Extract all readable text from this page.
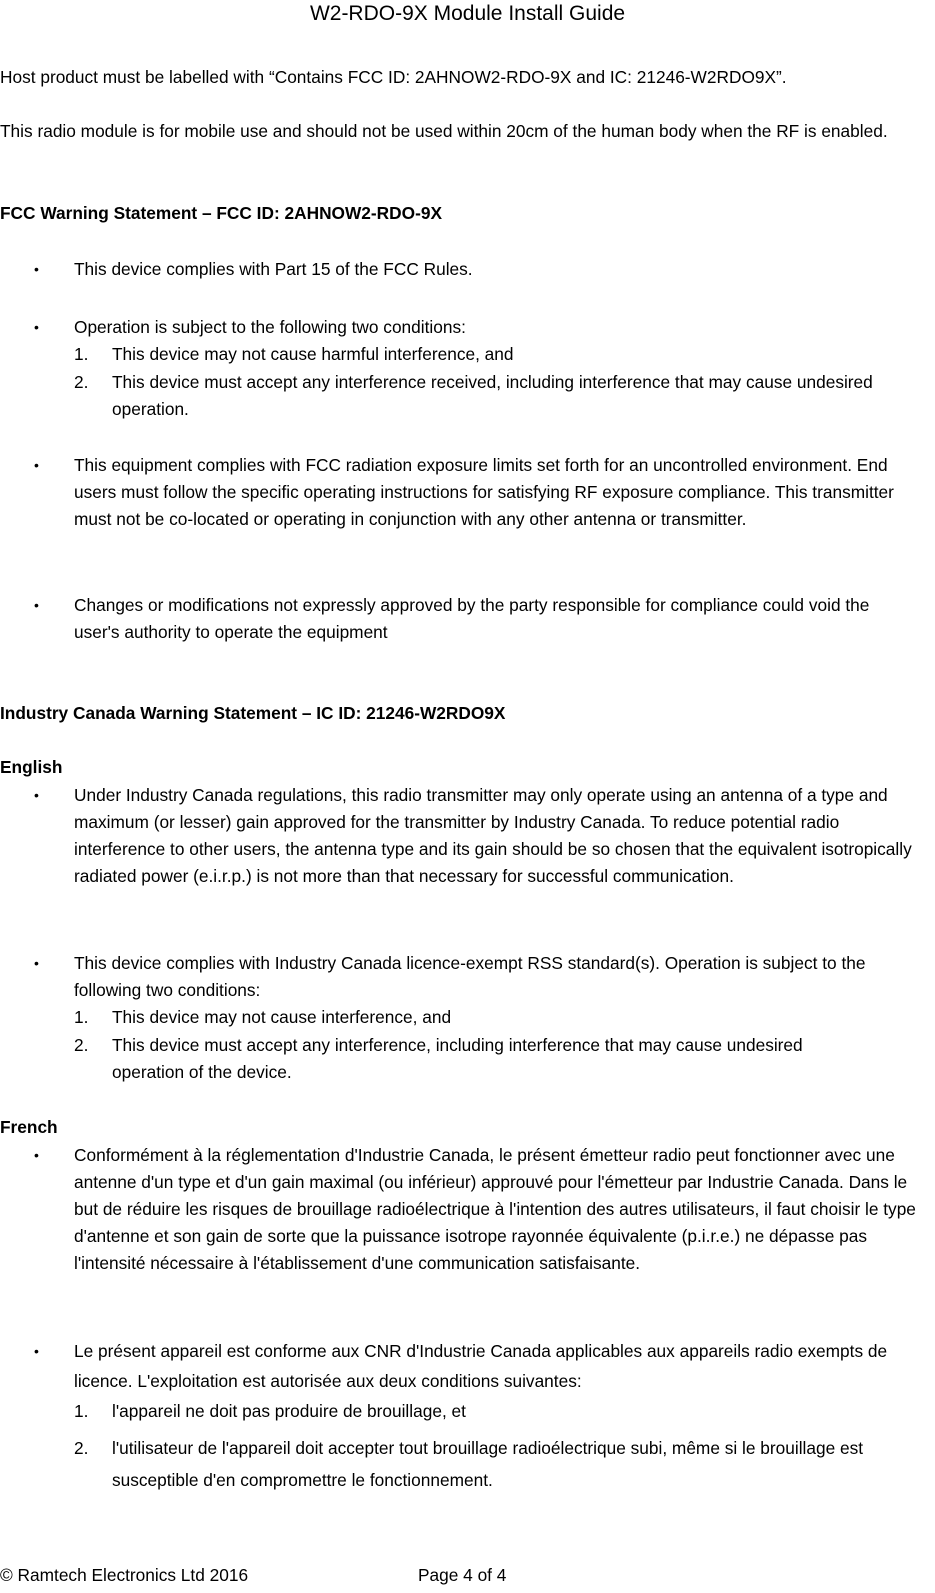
W2-RDO-9X Module Install Guide

Host product must be labelled with “Contains FCC ID: 2AHNOW2-RDO-9X and IC: 21246-W2RDO9X”.

This radio module is for mobile use and should not be used within 20cm of the human body when the RF is enabled.

FCC Warning Statement – FCC ID: 2AHNOW2-RDO-9X

• This device complies with Part 15 of the FCC Rules.
• Operation is subject to the following two conditions:
1. This device may not cause harmful interference, and
2. This device must accept any interference received, including interference that may cause undesired operation.
• This equipment complies with FCC radiation exposure limits set forth for an uncontrolled environment. End users must follow the specific operating instructions for satisfying RF exposure compliance. This transmitter must not be co-located or operating in conjunction with any other antenna or transmitter.
• Changes or modifications not expressly approved by the party responsible for compliance could void the user's authority to operate the equipment

Industry Canada Warning Statement – IC ID: 21246-W2RDO9X

English

• Under Industry Canada regulations, this radio transmitter may only operate using an antenna of a type and maximum (or lesser) gain approved for the transmitter by Industry Canada. To reduce potential radio interference to other users, the antenna type and its gain should be so chosen that the equivalent isotropically radiated power (e.i.r.p.) is not more than that necessary for successful communication.
• This device complies with Industry Canada licence-exempt RSS standard(s). Operation is subject to the following two conditions:
1. This device may not cause interference, and
2. This device must accept any interference, including interference that may cause undesired operation of the device.

French

• Conformément à la réglementation d'Industrie Canada, le présent émetteur radio peut fonctionner avec une antenne d'un type et d'un gain maximal (ou inférieur) approuvé pour l'émetteur par Industrie Canada. Dans le but de réduire les risques de brouillage radioélectrique à l'intention des autres utilisateurs, il faut choisir le type d'antenne et son gain de sorte que la puissance isotrope rayonnée équivalente (p.i.r.e.) ne dépasse pas l'intensité nécessaire à l'établissement d'une communication satisfaisante.
• Le présent appareil est conforme aux CNR d'Industrie Canada applicables aux appareils radio exempts de licence. L'exploitation est autorisée aux deux conditions suivantes:
1. l'appareil ne doit pas produire de brouillage, et
2. l'utilisateur de l'appareil doit accepter tout brouillage radioélectrique subi, même si le brouillage est susceptible d'en compromettre le fonctionnement.
© Ramtech Electronics Ltd 2016	Page 4 of 4
